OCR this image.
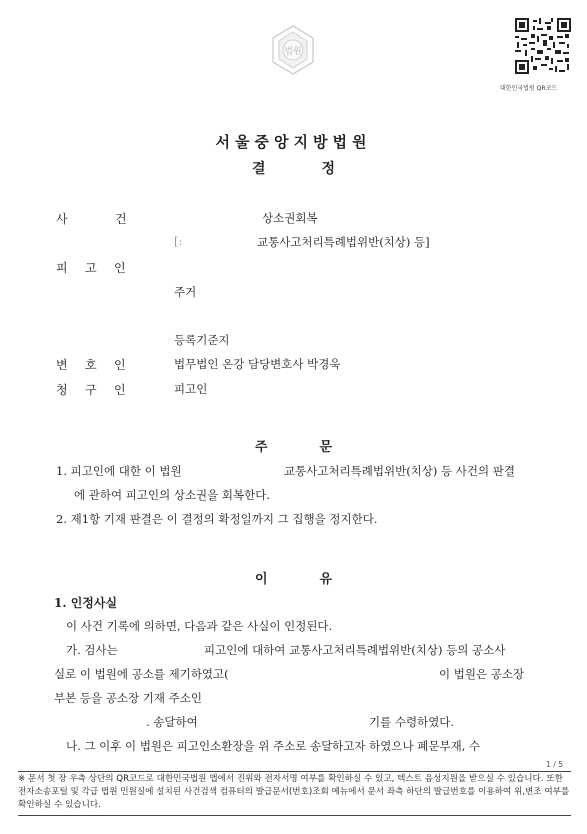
법원
대한민국법원 QR코드
서울중앙지방법원
결	정
사	건	상소권회복
[:	교통사고처리특례법위반(치상) 등]
피 고 인
주거
등록기준지
변 호 인	법무법인 온강 담당변호사 박경욱
청 구 인	피고인
주	문
1. 피고인에 대한 이 법원	교통사고처리특례법위반(치상) 등 사건의 판결
에 관하여 피고인의 상소권을 회복한다.
2. 제1항 기재 판결은 이 결정의 확정일까지 그 집행을 정지한다.
이	유
1. 인정사실
이 사건 기록에 의하면, 다음과 같은 사실이 인정된다.
가. 검사는	피고인에 대하여 교통사고처리특례법위반(치상) 등의 공소사
실로 이 법원에 공소를 제기하였고(	이 법원은 공소장
부본 등을 공소장 기재 주소인
. 송달하여	기를 수령하였다.
나. 그 이후 이 법원은 피고인소환장을 위 주소로 송달하고자 하였으나 폐문부재, 수
1 / 5
※ 문서 첫 장 우측 상단의 QR코드로 대한민국법원 앱에서 진위와 전자서명 여부를 확인하실 수 있고, 텍스트 음성지원을 받으실 수 있습니다. 또한 전자소송포털 및 각급 법원 민원실에 설치된 사건검색 컴퓨터의 발급문서(번호)조회 메뉴에서 문서 좌측 하단의 발급번호를 이용하여 위,변조 여부를 확인하실 수 있습니다.
